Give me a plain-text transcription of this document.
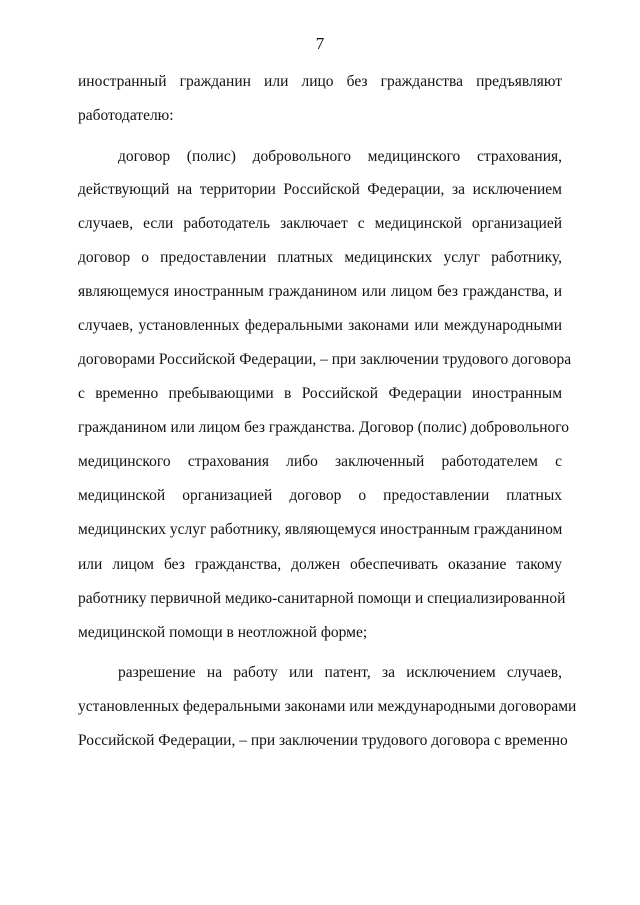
7
иностранный гражданин или лицо без гражданства предъявляют
работодателю:
договор (полис) добровольного медицинского страхования,
действующий на территории Российской Федерации, за исключением
случаев, если работодатель заключает с медицинской организацией
договор о предоставлении платных медицинских услуг работнику,
являющемуся иностранным гражданином или лицом без гражданства, и
случаев, установленных федеральными законами или международными
договорами Российской Федерации, – при заключении трудового договора
с временно пребывающими в Российской Федерации иностранным
гражданином или лицом без гражданства. Договор (полис) добровольного
медицинского страхования либо заключенный работодателем с
медицинской организацией договор о предоставлении платных
медицинских услуг работнику, являющемуся иностранным гражданином
или лицом без гражданства, должен обеспечивать оказание такому
работнику первичной медико-санитарной помощи и специализированной
медицинской помощи в неотложной форме;
разрешение на работу или патент, за исключением случаев,
установленных федеральными законами или международными договорами
Российской Федерации, – при заключении трудового договора с временно
